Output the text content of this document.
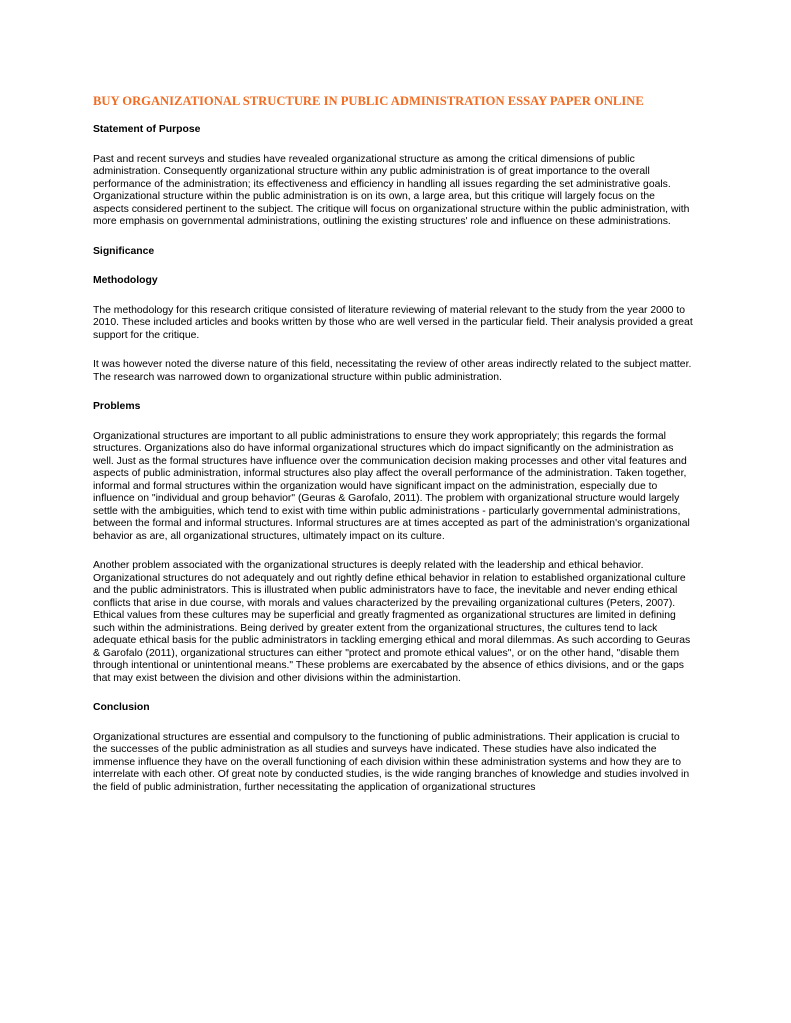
BUY ORGANIZATIONAL STRUCTURE IN PUBLIC ADMINISTRATION ESSAY PAPER ONLINE
Statement of Purpose

Past and recent surveys and studies have revealed organizational structure as among the critical dimensions of public administration. Consequently organizational structure within any public administration is of great importance to the overall performance of the administration; its effectiveness and efficiency in handling all issues regarding the set administrative goals. Organizational structure within the public administration is on its own, a large area, but this critique will largely focus on the aspects considered pertinent to the subject. The critique will focus on organizational structure within the public administration, with more emphasis on governmental administrations, outlining the existing structures' role and influence on these administrations.

Significance
Methodology

The methodology for this research critique consisted of literature reviewing of material relevant to the study from the year 2000 to 2010. These included articles and books written by those who are well versed in the particular field. Their analysis provided a great support for the critique.

It was however noted the diverse nature of this field, necessitating the review of other areas indirectly related to the subject matter. The research was narrowed down to organizational structure within public administration.

Problems

Organizational structures are important to all public administrations to ensure they work appropriately; this regards the formal structures. Organizations also do have informal organizational structures which do impact significantly on the administration as well. Just as the formal structures have influence over the communication decision making processes and other vital features and aspects of public administration, informal structures also play affect the overall performance of the administration. Taken together, informal and formal structures within the organization would have significant impact on the administration, especially due to influence on "individual and group behavior" (Geuras & Garofalo, 2011). The problem with organizational structure would largely settle with the ambiguities, which tend to exist with time within public administrations - particularly governmental administrations, between the formal and informal structures. Informal structures are at times accepted as part of the administration's organizational behavior as are, all organizational structures, ultimately impact on its culture.

Another problem associated with the organizational structures is deeply related with the leadership and ethical behavior. Organizational structures do not adequately and out rightly define ethical behavior in relation to established organizational culture and the public administrators. This is illustrated when public administrators have to face, the inevitable and never ending ethical conflicts that arise in due course, with morals and values characterized by the prevailing organizational cultures (Peters, 2007). Ethical values from these cultures may be superficial and greatly fragmented as organizational structures are limited in defining such within the administrations. Being derived by greater extent from the organizational structures, the cultures tend to lack adequate ethical basis for the public administrators in tackling emerging ethical and moral dilemmas. As such according to Geuras & Garofalo (2011), organizational structures can either "protect and promote ethical values", or on the other hand, "disable them through intentional or unintentional means." These problems are exercabated by the absence of ethics divisions, and or the gaps that may exist between the division and other divisions within the administartion.

Conclusion

Organizational structures are essential and compulsory to the functioning of public administrations. Their application is crucial to the successes of the public administration as all studies and surveys have indicated. These studies have also indicated the immense influence they have on the overall functioning of each division within these administration systems and how they are to interrelate with each other. Of great note by conducted studies, is the wide ranging branches of knowledge and studies involved in the field of public administration, further necessitating the application of organizational structures
